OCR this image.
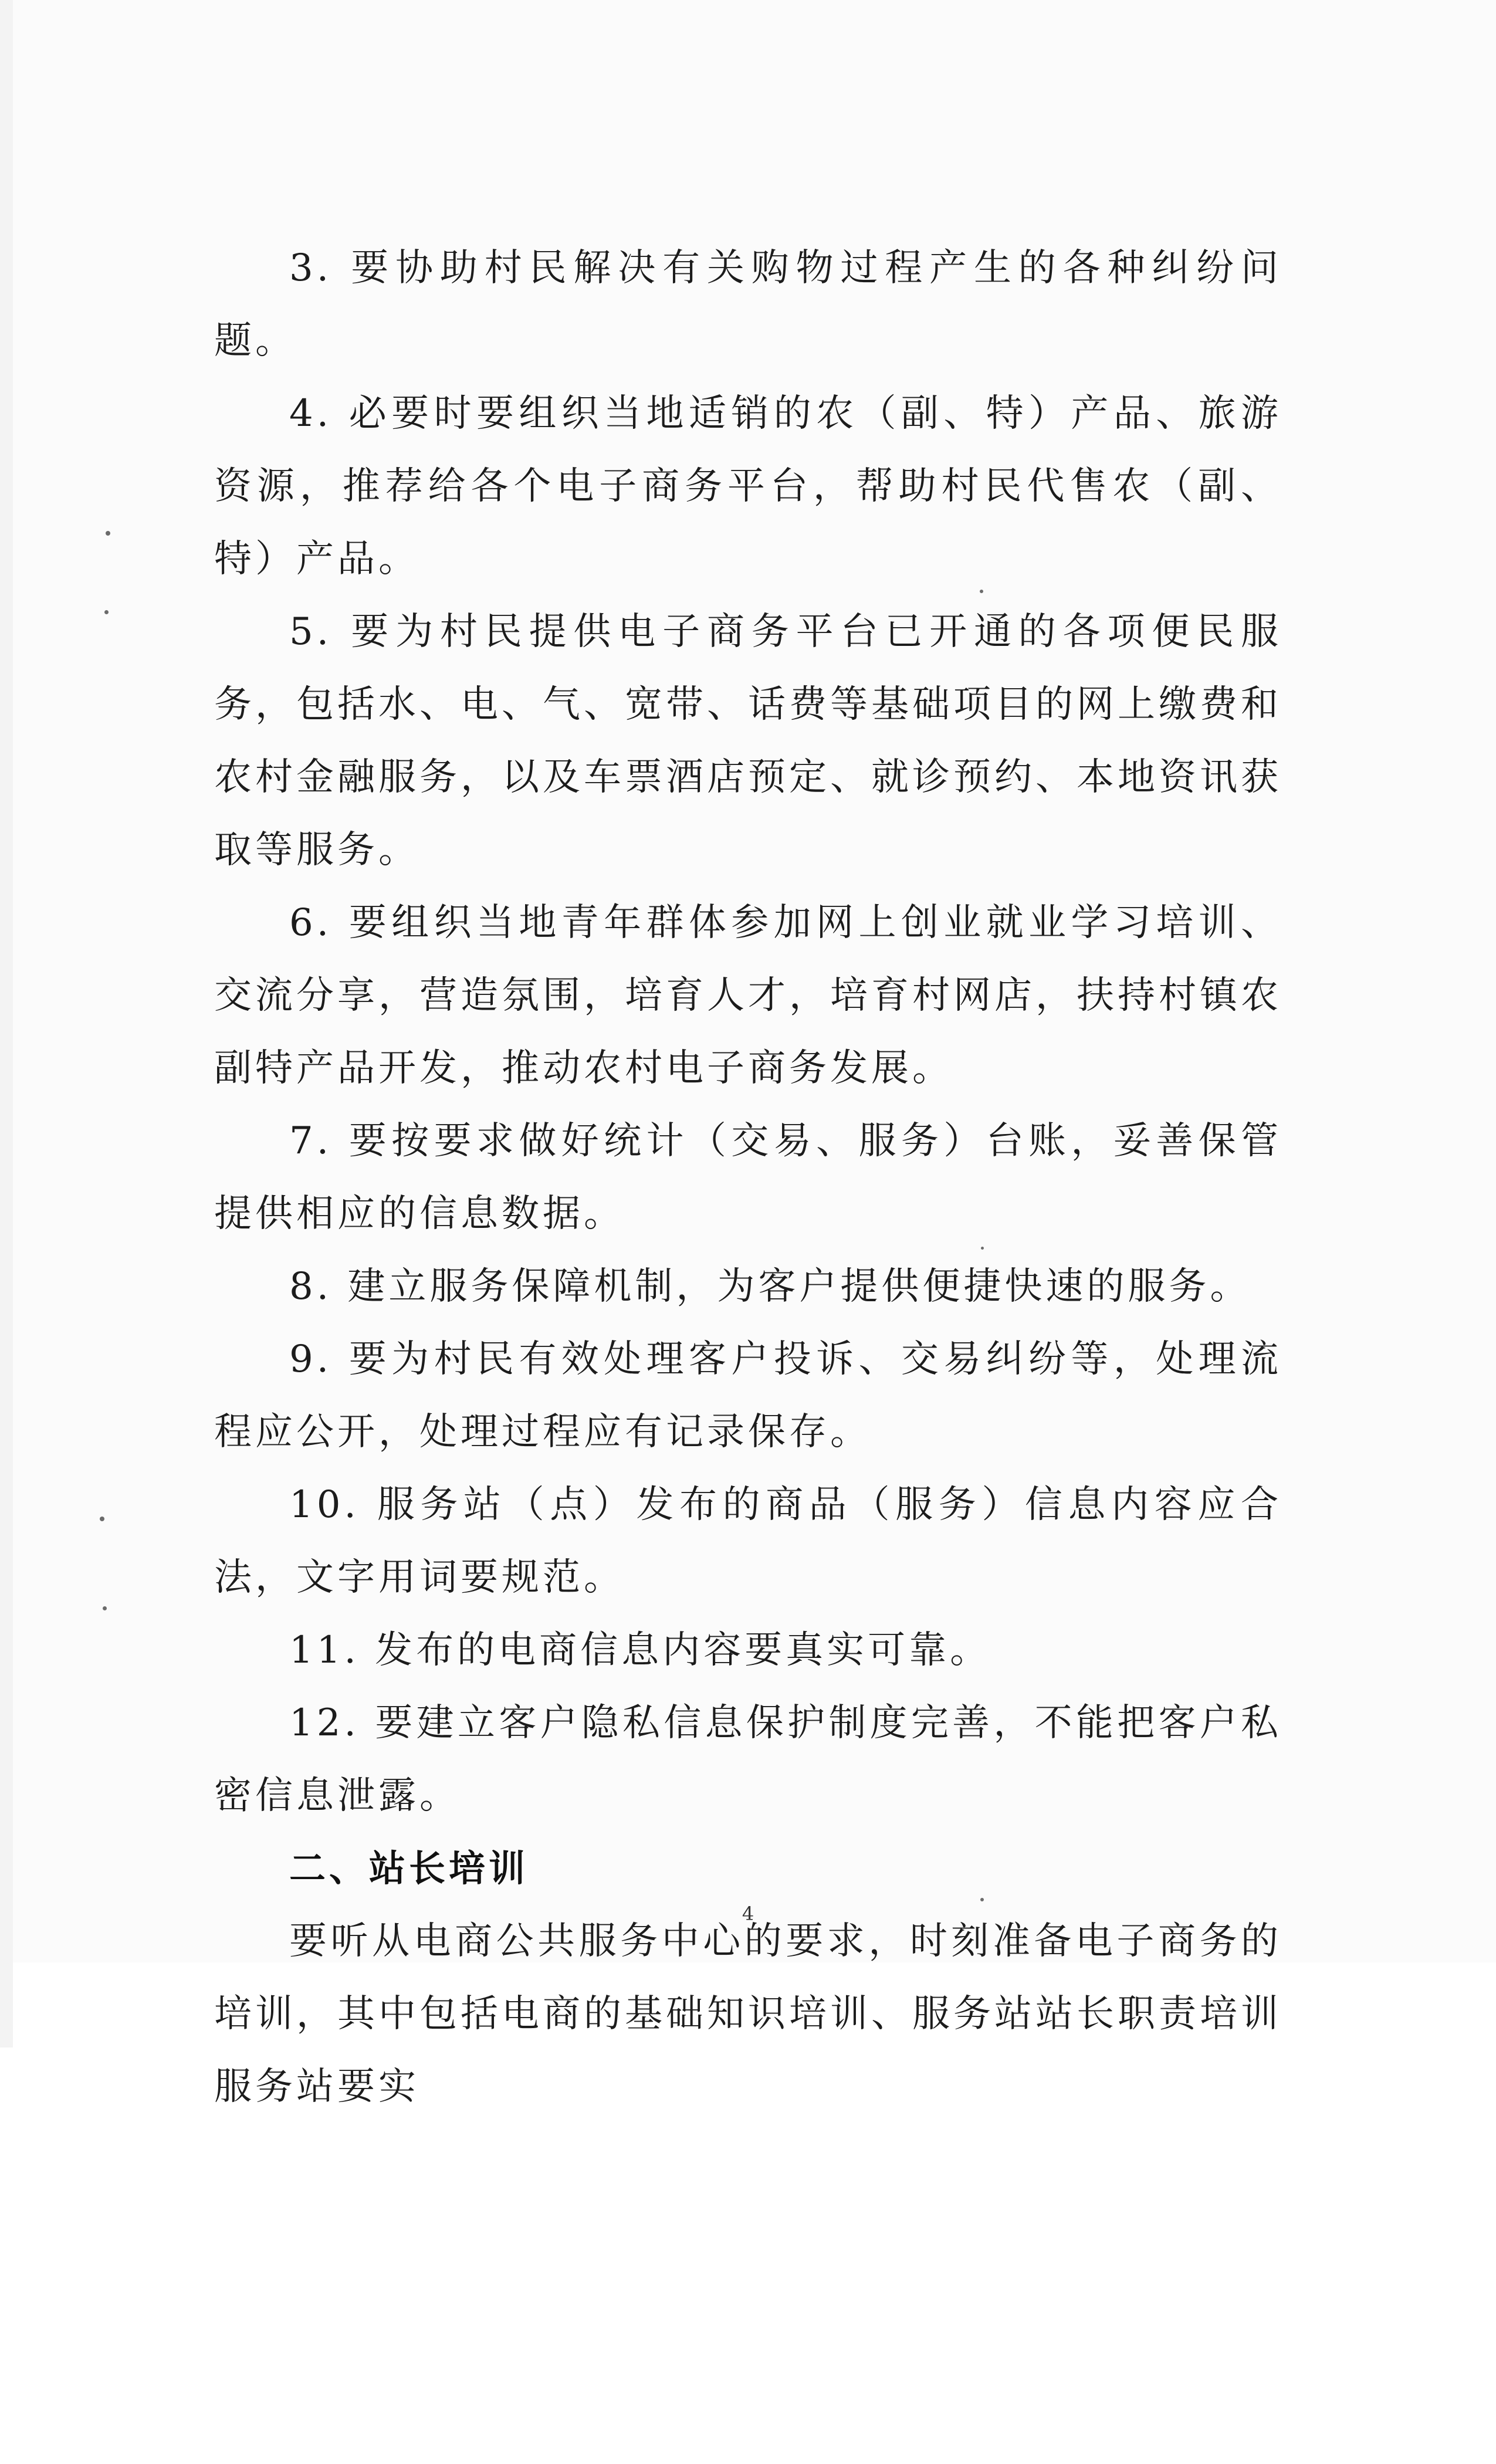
3. 要协助村民解决有关购物过程产生的各种纠纷问题。

4. 必要时要组织当地适销的农（副、特）产品、旅游资源，推荐给各个电子商务平台，帮助村民代售农（副、特）产品。

5. 要为村民提供电子商务平台已开通的各项便民服务，包括水、电、气、宽带、话费等基础项目的网上缴费和农村金融服务，以及车票酒店预定、就诊预约、本地资讯获取等服务。

6. 要组织当地青年群体参加网上创业就业学习培训、交流分享，营造氛围，培育人才，培育村网店，扶持村镇农副特产品开发，推动农村电子商务发展。

7. 要按要求做好统计（交易、服务）台账，妥善保管提供相应的信息数据。

8. 建立服务保障机制，为客户提供便捷快速的服务。

9. 要为村民有效处理客户投诉、交易纠纷等，处理流程应公开，处理过程应有记录保存。

10. 服务站（点）发布的商品（服务）信息内容应合法，文字用词要规范。

11. 发布的电商信息内容要真实可靠。

12. 要建立客户隐私信息保护制度完善，不能把客户私密信息泄露。

二、站长培训

要听从电商公共服务中心的要求，时刻准备电子商务的培训，其中包括电商的基础知识培训、服务站站长职责培训服务站要实

4
